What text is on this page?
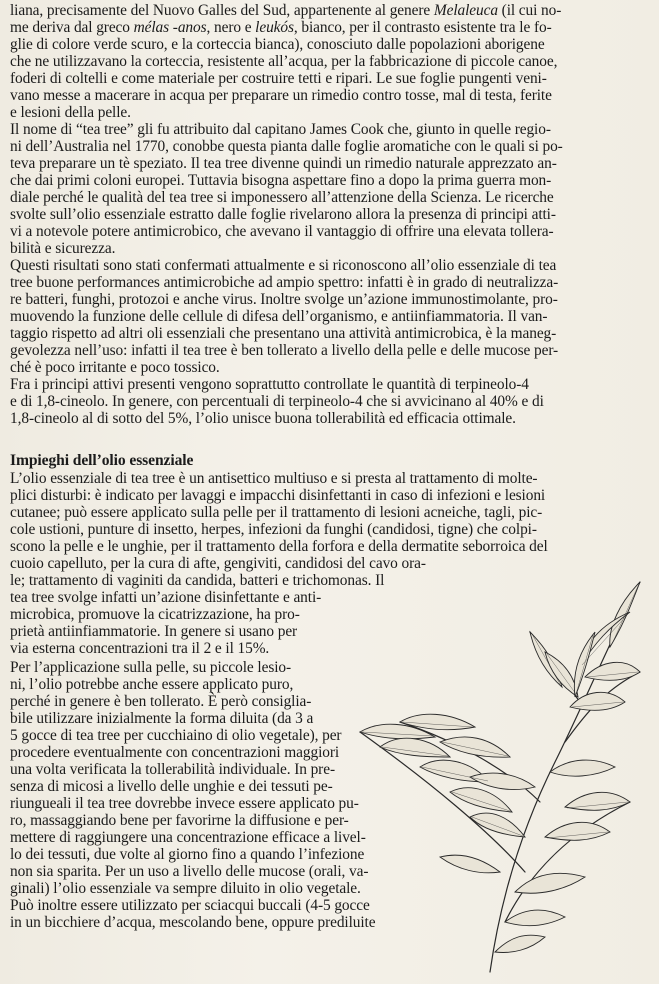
liana, precisamente del Nuovo Galles del Sud, appartenente al genere Melaleuca (il cui no-
me deriva dal greco mélas -anos, nero e leukós, bianco, per il contrasto esistente tra le fo-
glie di colore verde scuro, e la corteccia bianca), conosciuto dalle popolazioni aborigene
che ne utilizzavano la corteccia, resistente all’acqua, per la fabbricazione di piccole canoe,
foderi di coltelli e come materiale per costruire tetti e ripari. Le sue foglie pungenti veni-
vano messe a macerare in acqua per preparare un rimedio contro tosse, mal di testa, ferite
e lesioni della pelle.
Il nome di “tea tree” gli fu attribuito dal capitano James Cook che, giunto in quelle regio-
ni dell’Australia nel 1770, conobbe questa pianta dalle foglie aromatiche con le quali si po-
teva preparare un tè speziato. Il tea tree divenne quindi un rimedio naturale apprezzato an-
che dai primi coloni europei. Tuttavia bisogna aspettare fino a dopo la prima guerra mon-
diale perché le qualità del tea tree si imponessero all’attenzione della Scienza. Le ricerche
svolte sull’olio essenziale estratto dalle foglie rivelarono allora la presenza di principi atti-
vi a notevole potere antimicrobico, che avevano il vantaggio di offrire una elevata tollera-
bilità e sicurezza.
Questi risultati sono stati confermati attualmente e si riconoscono all’olio essenziale di tea
tree buone performances antimicrobiche ad ampio spettro: infatti è in grado di neutralizza-
re batteri, funghi, protozoi e anche virus. Inoltre svolge un’azione immunostimolante, pro-
muovendo la funzione delle cellule di difesa dell’organismo, e antiinfiammatoria. Il van-
taggio rispetto ad altri oli essenziali che presentano una attività antimicrobica, è la maneg-
gevolezza nell’uso: infatti il tea tree è ben tollerato a livello della pelle e delle mucose per-
ché è poco irritante e poco tossico.
Fra i principi attivi presenti vengono soprattutto controllate le quantità di terpineolo-4
e di 1,8-cineolo. In genere, con percentuali di terpineolo-4 che si avvicinano al 40% e di
1,8-cineolo al di sotto del 5%, l’olio unisce buona tollerabilità ed efficacia ottimale.
Impieghi dell’olio essenziale
L’olio essenziale di tea tree è un antisettico multiuso e si presta al trattamento di molte-
plici disturbi: è indicato per lavaggi e impacchi disinfettanti in caso di infezioni e lesioni
cutanee; può essere applicato sulla pelle per il trattamento di lesioni acneiche, tagli, pic-
cole ustioni, punture di insetto, herpes, infezioni da funghi (candidosi, tigne) che colpi-
scono la pelle e le unghie, per il trattamento della forfora e della dermatite seborroica del
cuoio capelluto, per la cura di afte, gengiviti, candidosi del cavo ora-
le; trattamento di vaginiti da candida, batteri e trichomonas. Il
tea tree svolge infatti un’azione disinfettante e anti-
microbica, promuove la cicatrizzazione, ha pro-
prietà antiinfiammatorie. In genere si usano per
via esterna concentrazioni tra il 2 e il 15%.
Per l’applicazione sulla pelle, su piccole lesio-
ni, l’olio potrebbe anche essere applicato puro,
perché in genere è ben tollerato. È però consiglia-
bile utilizzare inizialmente la forma diluita (da 3 a
5 gocce di tea tree per cucchiaino di olio vegetale), per
procedere eventualmente con concentrazioni maggiori
una volta verificata la tollerabilità individuale. In pre-
senza di micosi a livello delle unghie e dei tessuti pe-
riungueali il tea tree dovrebbe invece essere applicato pu-
ro, massaggiando bene per favorirne la diffusione e per-
mettere di raggiungere una concentrazione efficace a livel-
lo dei tessuti, due volte al giorno fino a quando l’infezione
non sia sparita. Per un uso a livello delle mucose (orali, va-
ginali) l’olio essenziale va sempre diluito in olio vegetale.
Può inoltre essere utilizzato per sciacqui buccali (4-5 gocce
in un bicchiere d’acqua, mescolando bene, oppure prediluite
